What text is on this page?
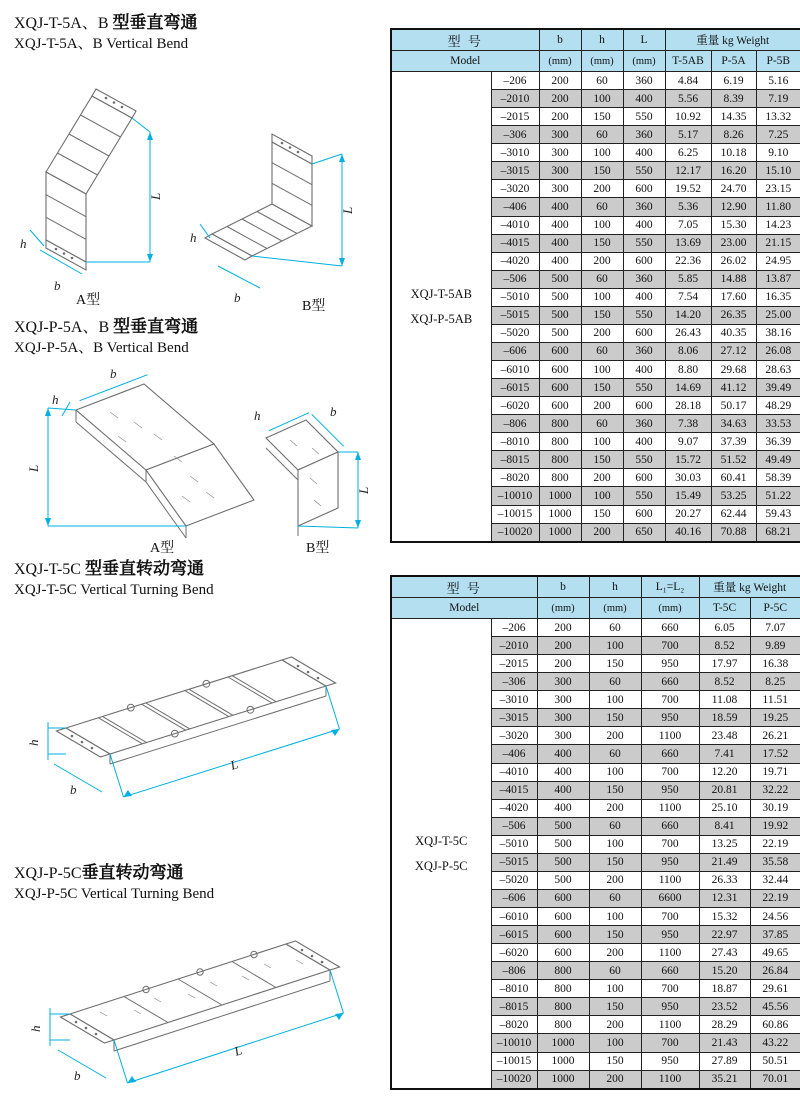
XQJ-T-5A、B 型垂直弯通
XQJ-T-5A、B Vertical Bend
XQJ-P-5A、B 型垂直弯通
XQJ-P-5A、B Vertical Bend
XQJ-T-5C 型垂直转动弯通
XQJ-T-5C Vertical Turning Bend
XQJ-P-5C垂直转动弯通
XQJ-P-5C Vertical Turning Bend
L
b
h
A型
L
b
h
B型
L
b
h
A型
h	b
L
B型
h
b
L
h
b
L
型 号		b	h	L	重量 kg Weight		
Model		(mm)	(mm)	(mm)	T-5AB	P-5A	P-5B

XQJ-T-5AB
XQJ-P-5AB	–206	200	60	360	4.84	6.19	5.16
	–2010	200	100	400	5.56	8.39	7.19
	–2015	200	150	550	10.92	14.35	13.32
	–306	300	60	360	5.17	8.26	7.25
	–3010	300	100	400	6.25	10.18	9.10
	–3015	300	150	550	12.17	16.20	15.10
	–3020	300	200	600	19.52	24.70	23.15
	–406	400	60	360	5.36	12.90	11.80
	–4010	400	100	400	7.05	15.30	14.23
	–4015	400	150	550	13.69	23.00	21.15
	–4020	400	200	600	22.36	26.02	24.95
	–506	500	60	360	5.85	14.88	13.87
	–5010	500	100	400	7.54	17.60	16.35
	–5015	500	150	550	14.20	26.35	25.00
	–5020	500	200	600	26.43	40.35	38.16
	–606	600	60	360	8.06	27.12	26.08
	–6010	600	100	400	8.80	29.68	28.63
	–6015	600	150	550	14.69	41.12	39.49
	–6020	600	200	600	28.18	50.17	48.29
	–806	800	60	360	7.38	34.63	33.53
	–8010	800	100	400	9.07	37.39	36.39
	–8015	800	150	550	15.72	51.52	49.49
	–8020	800	200	600	30.03	60.41	58.39
	–10010	1000	100	550	15.49	53.25	51.22
	–10015	1000	150	600	20.27	62.44	59.43
	–10020	1000	200	650	40.16	70.88	68.21
型 号		b	h	L₁=L₂	重量 kg Weight	
Model		(mm)	(mm)	(mm)	T-5C	P-5C

XQJ-T-5C
XQJ-P-5C	–206	200	60	660	6.05	7.07
	–2010	200	100	700	8.52	9.89
	–2015	200	150	950	17.97	16.38
	–306	300	60	660	8.52	8.25
	–3010	300	100	700	11.08	11.51
	–3015	300	150	950	18.59	19.25
	–3020	300	200	1100	23.48	26.21
	–406	400	60	660	7.41	17.52
	–4010	400	100	700	12.20	19.71
	–4015	400	150	950	20.81	32.22
	–4020	400	200	1100	25.10	30.19
	–506	500	60	660	8.41	19.92
	–5010	500	100	700	13.25	22.19
	–5015	500	150	950	21.49	35.58
	–5020	500	200	1100	26.33	32.44
	–606	600	60	6600	12.31	22.19
	–6010	600	100	700	15.32	24.56
	–6015	600	150	950	22.97	37.85
	–6020	600	200	1100	27.43	49.65
	–806	800	60	660	15.20	26.84
	–8010	800	100	700	18.87	29.61
	–8015	800	150	950	23.52	45.56
	–8020	800	200	1100	28.29	60.86
	–10010	1000	100	700	21.43	43.22
	–10015	1000	150	950	27.89	50.51
	–10020	1000	200	1100	35.21	70.01
